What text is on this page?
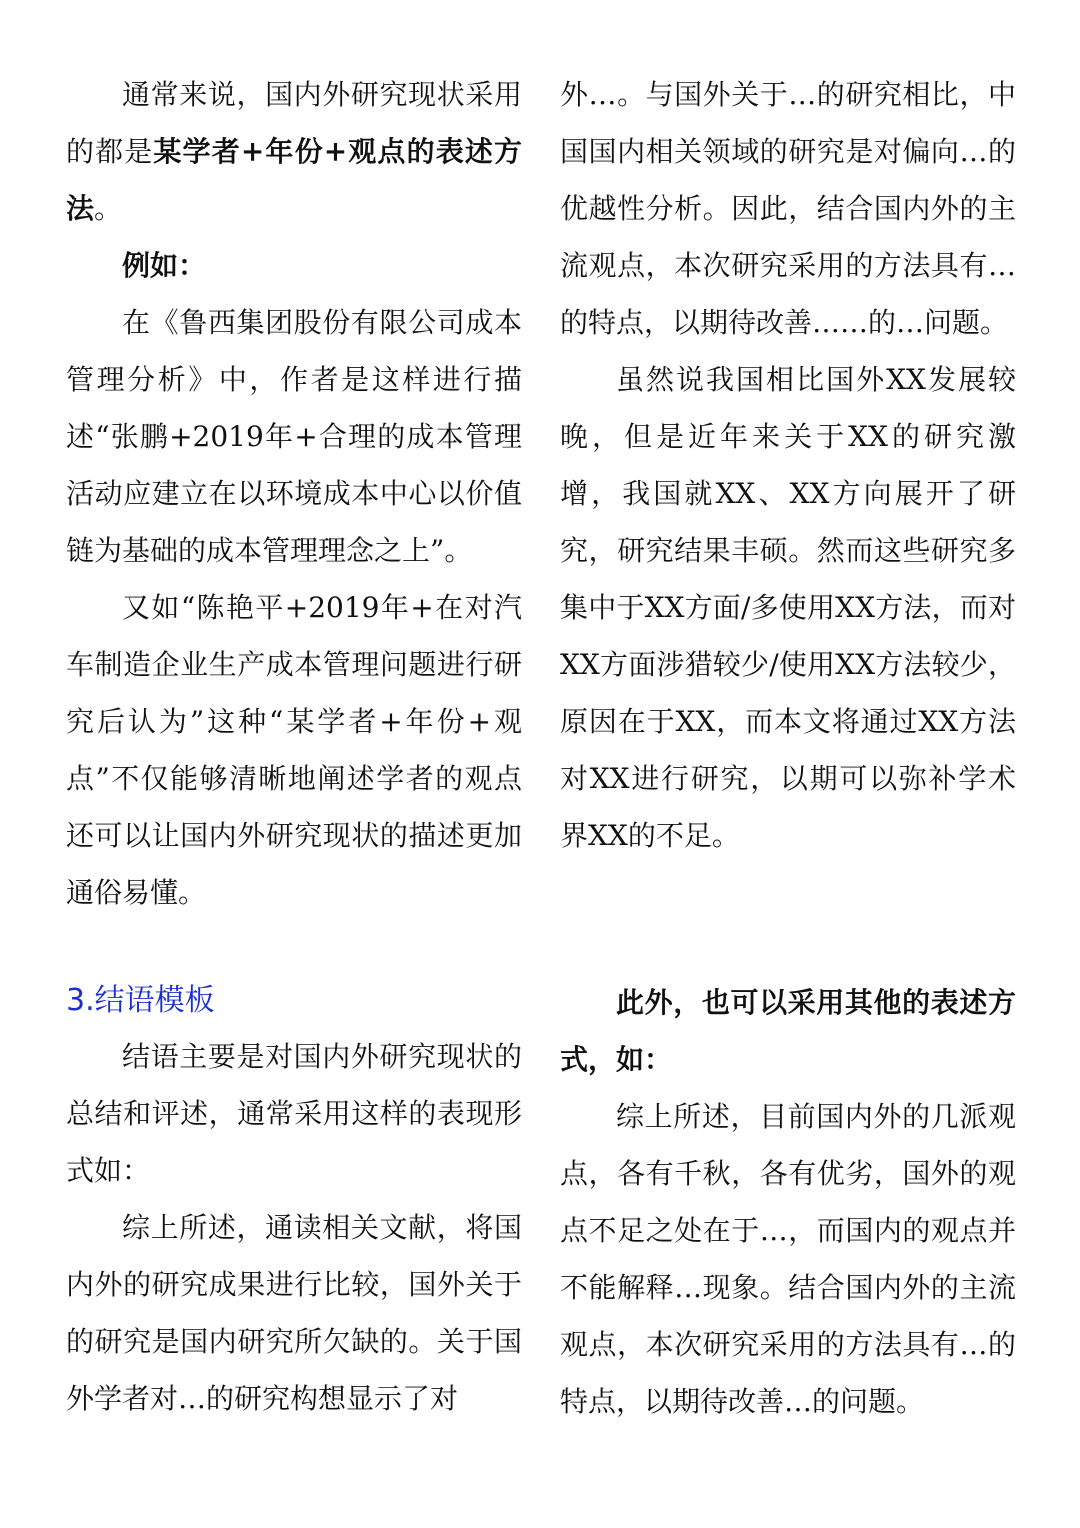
通常来说，国内外研究现状采用的都是某学者+年份+观点的表述方法。

例如：

在《鲁西集团股份有限公司成本管理分析》中，作者是这样进行描述“张鹏+2019年+合理的成本管理活动应建立在以环境成本中心以价值链为基础的成本管理理念之上”。

又如“陈艳平+2019年+在对汽车制造企业生产成本管理问题进行研究后认为”这种“某学者+年份+观点”不仅能够清晰地阐述学者的观点还可以让国内外研究现状的描述更加通俗易懂。

外…。与国外关于…的研究相比，中国国内相关领域的研究是对偏向…的优越性分析。因此，结合国内外的主流观点，本次研究采用的方法具有…的特点，以期待改善……的…问题。

虽然说我国相比国外XX发展较晚，但是近年来关于XX的研究激增，我国就XX、XX方向展开了研究，研究结果丰硕。然而这些研究多集中于XX方面/多使用XX方法，而对XX方面涉猎较少/使用XX方法较少，原因在于XX，而本文将通过XX方法对XX进行研究，以期可以弥补学术界XX的不足。

3.结语模板

结语主要是对国内外研究现状的总结和评述，通常采用这样的表现形式如：

综上所述，通读相关文献，将国内外的研究成果进行比较，国外关于的研究是国内研究所欠缺的。关于国外学者对…的研究构想显示了对

此外，也可以采用其他的表述方式，如：

综上所述，目前国内外的几派观点，各有千秋，各有优劣，国外的观点不足之处在于…，而国内的观点并不能解释…现象。结合国内外的主流观点，本次研究采用的方法具有…的特点，以期待改善…的问题。
